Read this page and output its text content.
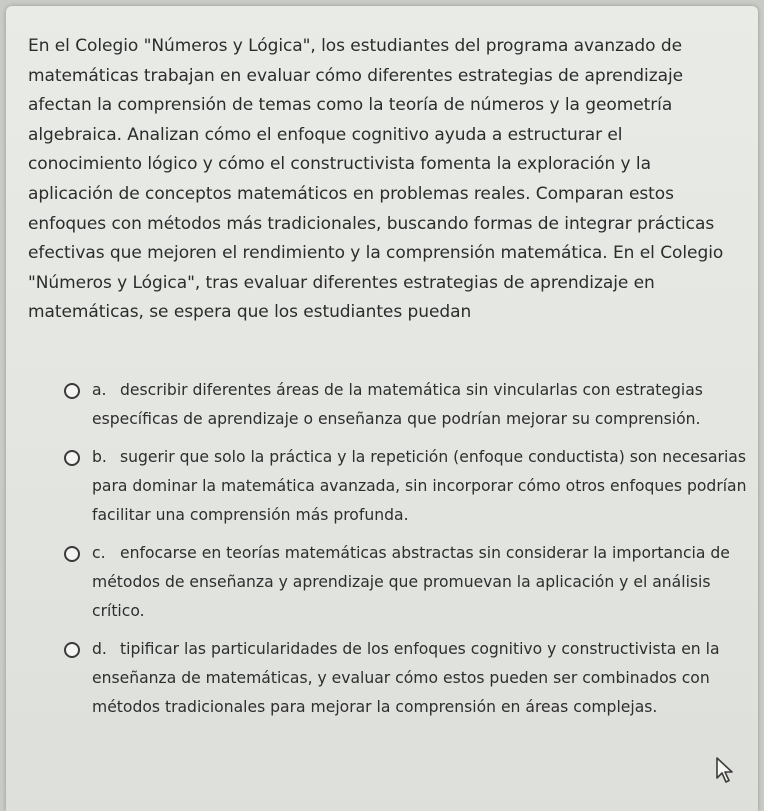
En el Colegio "Números y Lógica", los estudiantes del programa avanzado de matemáticas trabajan en evaluar cómo diferentes estrategias de aprendizaje afectan la comprensión de temas como la teoría de números y la geometría algebraica. Analizan cómo el enfoque cognitivo ayuda a estructurar el conocimiento lógico y cómo el constructivista fomenta la exploración y la aplicación de conceptos matemáticos en problemas reales. Comparan estos enfoques con métodos más tradicionales, buscando formas de integrar prácticas efectivas que mejoren el rendimiento y la comprensión matemática. En el Colegio "Números y Lógica", tras evaluar diferentes estrategias de aprendizaje en matemáticas, se espera que los estudiantes puedan

a. describir diferentes áreas de la matemática sin vincularlas con estrategias específicas de aprendizaje o enseñanza que podrían mejorar su comprensión.
b. sugerir que solo la práctica y la repetición (enfoque conductista) son necesarias para dominar la matemática avanzada, sin incorporar cómo otros enfoques podrían facilitar una comprensión más profunda.
c. enfocarse en teorías matemáticas abstractas sin considerar la importancia de métodos de enseñanza y aprendizaje que promuevan la aplicación y el análisis crítico.
d. tipificar las particularidades de los enfoques cognitivo y constructivista en la enseñanza de matemáticas, y evaluar cómo estos pueden ser combinados con métodos tradicionales para mejorar la comprensión en áreas complejas.
